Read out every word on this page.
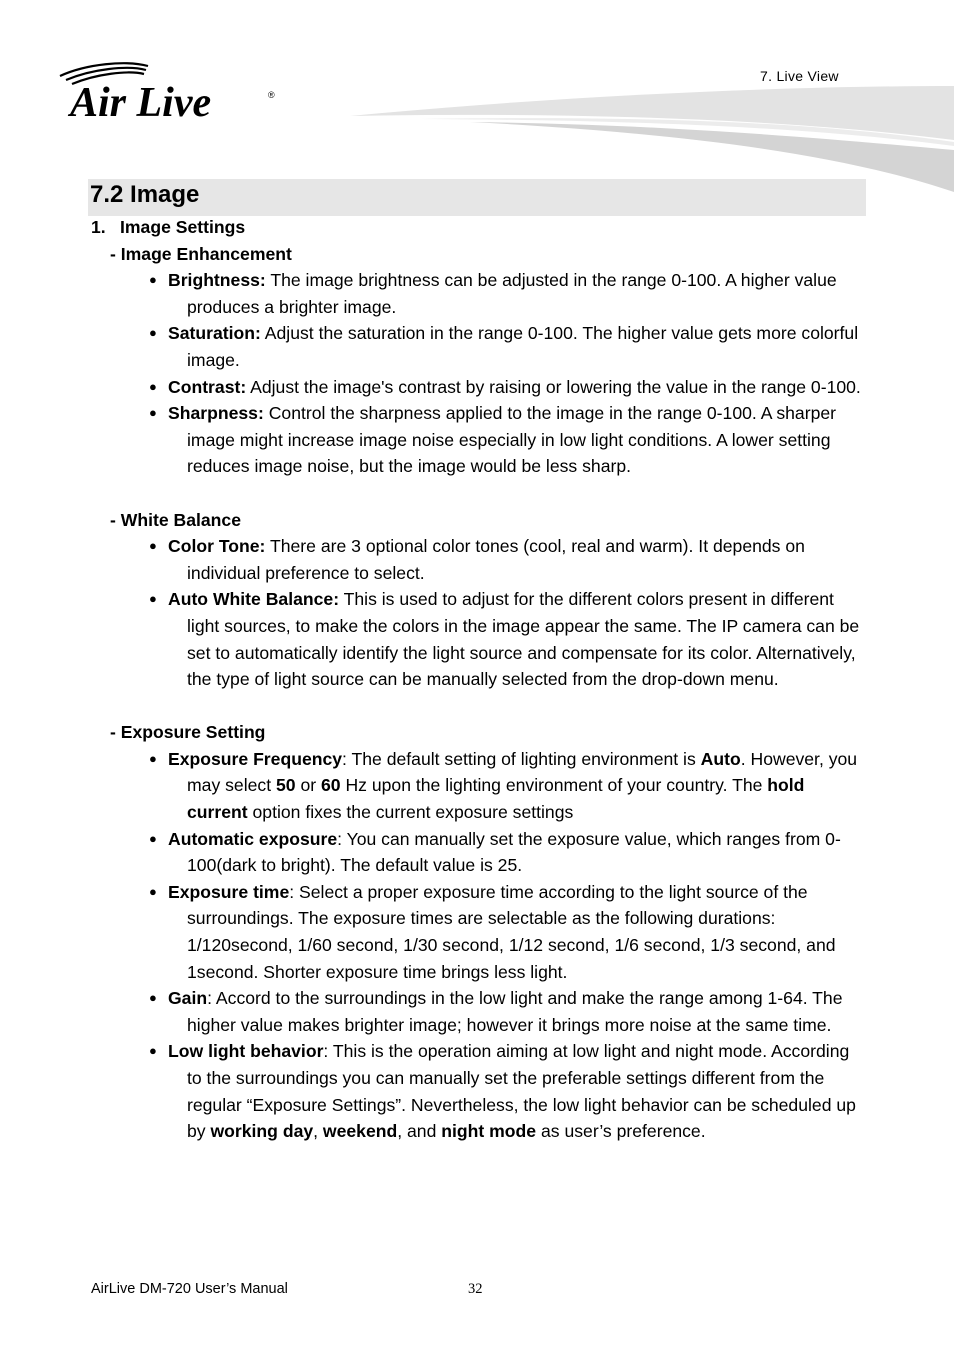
Air Live	®
7. Live View
7.2 Image
1. Image Settings
- Image Enhancement
● Brightness: The image brightness can be adjusted in the range 0-100. A higher value produces a brighter image.
● Saturation: Adjust the saturation in the range 0-100. The higher value gets more colorful image.
● Contrast: Adjust the image's contrast by raising or lowering the value in the range 0-100.
● Sharpness: Control the sharpness applied to the image in the range 0-100. A sharper image might increase image noise especially in low light conditions. A lower setting reduces image noise, but the image would be less sharp.
- White Balance
● Color Tone: There are 3 optional color tones (cool, real and warm). It depends on individual preference to select.
● Auto White Balance: This is used to adjust for the different colors present in different light sources, to make the colors in the image appear the same. The IP camera can be set to automatically identify the light source and compensate for its color. Alternatively, the type of light source can be manually selected from the drop-down menu.
- Exposure Setting
● Exposure Frequency : The default setting of lighting environment is Auto. However, you may select 50 or 60 Hz upon the lighting environment of your country. The hold current option fixes the current exposure settings
● Automatic exposure : You can manually set the exposure value, which ranges from 0-100(dark to bright). The default value is 25.
● Exposure time : Select a proper exposure time according to the light source of the surroundings. The exposure times are selectable as the following durations: 1/120second, 1/60 second, 1/30 second, 1/12 second, 1/6 second, 1/3 second, and 1second. Shorter exposure time brings less light.
● Gain : Accord to the surroundings in the low light and make the range among 1-64. The higher value makes brighter image; however it brings more noise at the same time.
● Low light behavior : This is the operation aiming at low light and night mode. According to the surroundings you can manually set the preferable settings different from the regular “Exposure Settings”. Nevertheless, the low light behavior can be scheduled up by working day, weekend, and night mode as user’s preference.
AirLive DM-720 User’s Manual	32
